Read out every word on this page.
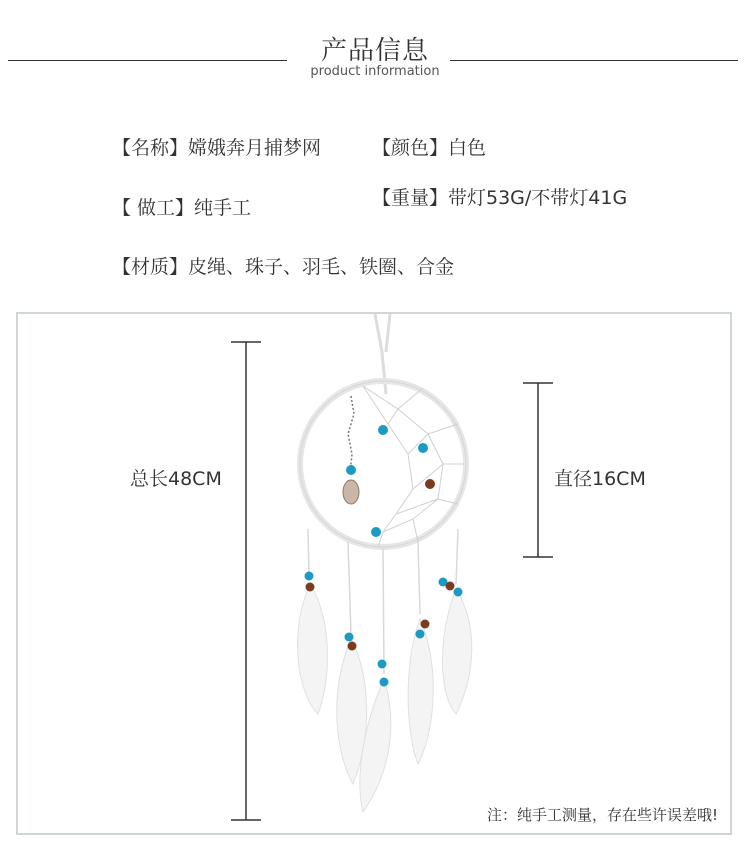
产品信息
product information
【名称】嫦娥奔月捕梦网	【颜色】白色
【 做工】纯手工	【重量】带灯53G/不带灯41G
【材质】皮绳、珠子、羽毛、铁圈、合金
总长48CM	直径16CM
注：纯手工测量，存在些许误差哦!
